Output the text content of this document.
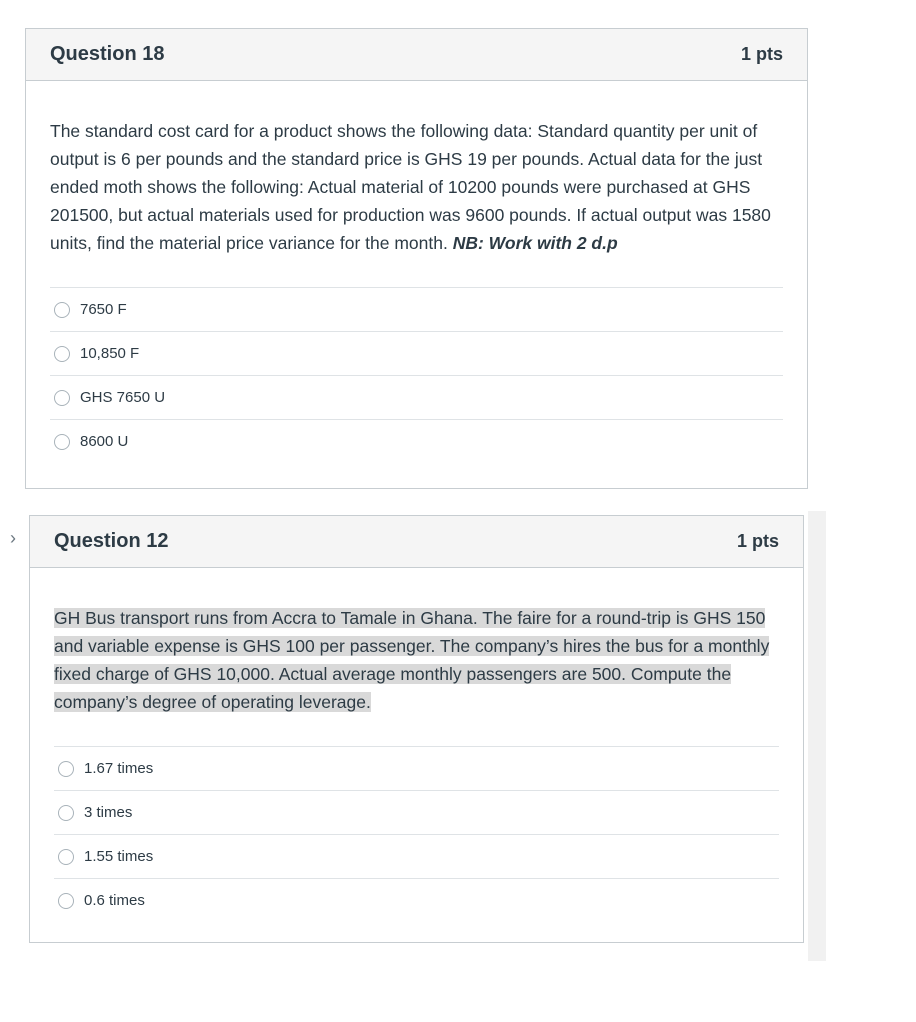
Question 18	1 pts
The standard cost card for a product shows the following data: Standard quantity per unit of output is 6 per pounds and the standard price is GHS 19 per pounds. Actual data for the just ended moth shows the following: Actual material of 10200 pounds were purchased at GHS 201500, but actual materials used for production was 9600 pounds. If actual output was 1580 units, find the material price variance for the month. NB: Work with 2 d.p
7650 F
10,850 F
GHS 7650 U
8600 U
› Question 12	1 pts
GH Bus transport runs from Accra to Tamale in Ghana. The faire for a round-trip is GHS 150 and variable expense is GHS 100 per passenger. The company’s hires the bus for a monthly fixed charge of GHS 10,000. Actual average monthly passengers are 500. Compute the company’s degree of operating leverage.
1.67 times
3 times
1.55 times
0.6 times
